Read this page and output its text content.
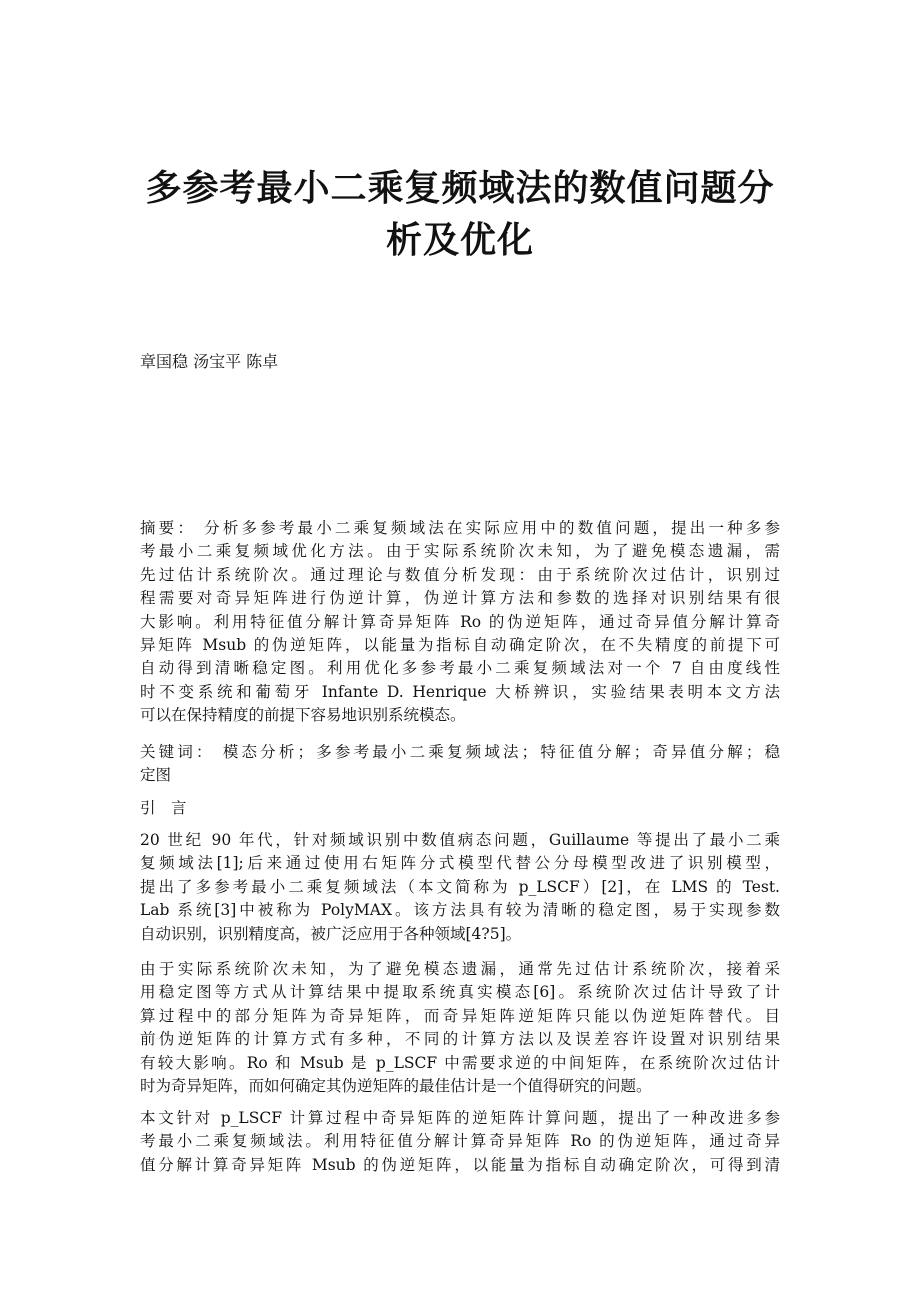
多参考最小二乘复频域法的数值问题分
析及优化
章国稳 汤宝平 陈卓
摘要： 分析多参考最小二乘复频域法在实际应用中的数值问题，提出一种多参
考最小二乘复频域优化方法。由于实际系统阶次未知，为了避免模态遗漏，需
先过估计系统阶次。通过理论与数值分析发现：由于系统阶次过估计，识别过
程需要对奇异矩阵进行伪逆计算，伪逆计算方法和参数的选择对识别结果有很
大影响。利用特征值分解计算奇异矩阵 Ro 的伪逆矩阵，通过奇异值分解计算奇
异矩阵 Msub 的伪逆矩阵，以能量为指标自动确定阶次，在不失精度的前提下可
自动得到清晰稳定图。利用优化多参考最小二乘复频域法对一个 7 自由度线性
时不变系统和葡萄牙 Infante D. Henrique 大桥辨识，实验结果表明本文方法
可以在保持精度的前提下容易地识别系统模态。
关键词： 模态分析；多参考最小二乘复频域法；特征值分解；奇异值分解；稳
定图
引　言
20 世纪 90 年代，针对频域识别中数值病态问题，Guillaume 等提出了最小二乘
复频域法[1];后来通过使用右矩阵分式模型代替公分母模型改进了识别模型，
提出了多参考最小二乘复频域法（本文简称为 p_LSCF）[2]，在 LMS 的 Test.
Lab 系统[3]中被称为 PolyMAX。该方法具有较为清晰的稳定图，易于实现参数
自动识别，识别精度高，被广泛应用于各种领域[4?5]。
由于实际系统阶次未知，为了避免模态遗漏，通常先过估计系统阶次，接着采
用稳定图等方式从计算结果中提取系统真实模态[6]。系统阶次过估计导致了计
算过程中的部分矩阵为奇异矩阵，而奇异矩阵逆矩阵只能以伪逆矩阵替代。目
前伪逆矩阵的计算方式有多种，不同的计算方法以及误差容许设置对识别结果
有较大影响。Ro 和 Msub 是 p_LSCF 中需要求逆的中间矩阵，在系统阶次过估计
时为奇异矩阵，而如何确定其伪逆矩阵的最佳估计是一个值得研究的问题。
本文针对 p_LSCF 计算过程中奇异矩阵的逆矩阵计算问题，提出了一种改进多参
考最小二乘复频域法。利用特征值分解计算奇异矩阵 Ro 的伪逆矩阵，通过奇异
值分解计算奇异矩阵 Msub 的伪逆矩阵，以能量为指标自动确定阶次，可得到清
